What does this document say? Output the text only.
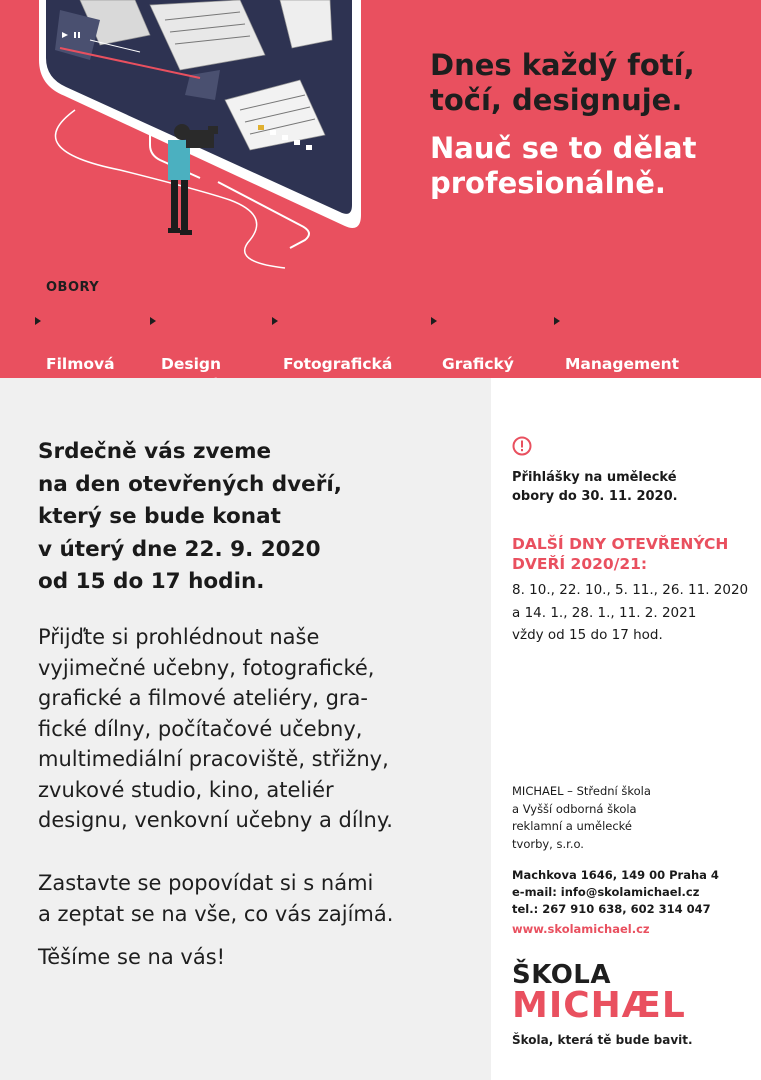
Dnes každý fotí,
točí, designuje.

Nauč se to dělat
profesionálně.

OBORY

Filmová	Design	Fotografická	Grafický	Management

Srdečně vás zveme
na den otevřených dveří,
který se bude konat
v úterý dne 22. 9. 2020
od 15 do 17 hodin.
Přijďte si prohlédnout naše
vyjimečné učebny, fotografické,
grafické a filmové ateliéry, gra-
fické dílny, počítačové učebny,
multimediální pracoviště, střižny,
zvukové studio, kino, ateliér
designu, venkovní učebny a dílny.
Zastavte se popovídat si s námi
a zeptat se na vše, co vás zajímá.
Těšíme se na vás!
Přihlášky na umělecké
obory do 30. 11. 2020.
DALŠÍ DNY OTEVŘENÝCH
DVEŘÍ 2020/21:
8. 10., 22. 10., 5. 11., 26. 11. 2020
a 14. 1., 28. 1., 11. 2. 2021
vždy od 15 do 17 hod.
MICHAEL – Střední škola
a Vyšší odborná škola
reklamní a umělecké
tvorby, s.r.o.
Machkova 1646, 149 00 Praha 4
e-mail: info@skolamichael.cz
tel.: 267 910 638, 602 314 047
www.skolamichael.cz
ŠKOLA
MICHÆL
Škola, která tě bude bavit.
